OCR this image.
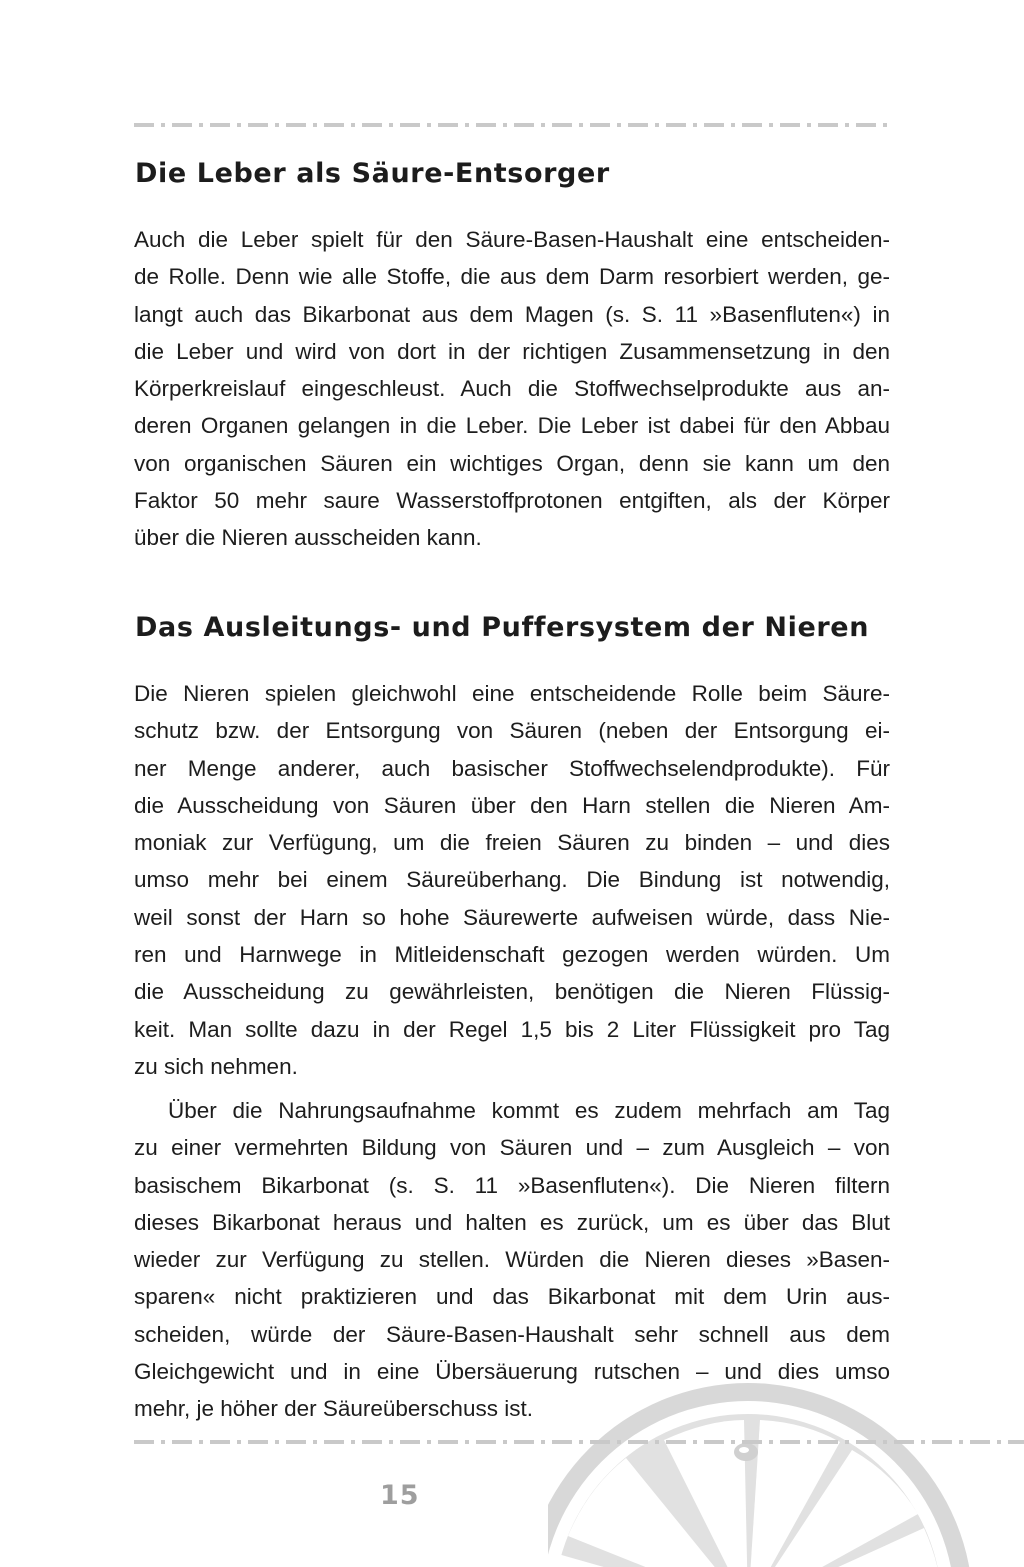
Die Leber als Säure-Entsorger
Auch die Leber spielt für den Säure-Basen-Haushalt eine entscheiden-
de Rolle. Denn wie alle Stoffe, die aus dem Darm resorbiert werden, ge-
langt auch das Bikarbonat aus dem Magen (s. S. 11 »Basenfluten«) in
die Leber und wird von dort in der richtigen Zusammensetzung in den
Körperkreislauf eingeschleust. Auch die Stoffwechselprodukte aus an-
deren Organen gelangen in die Leber. Die Leber ist dabei für den Abbau
von organischen Säuren ein wichtiges Organ, denn sie kann um den
Faktor 50 mehr saure Wasserstoffprotonen entgiften, als der Körper
über die Nieren ausscheiden kann.
Das Ausleitungs- und Puffersystem der Nieren
Die Nieren spielen gleichwohl eine entscheidende Rolle beim Säure-
schutz bzw. der Entsorgung von Säuren (neben der Entsorgung ei-
ner Menge anderer, auch basischer Stoffwechselendprodukte). Für
die Ausscheidung von Säuren über den Harn stellen die Nieren Am-
moniak zur Verfügung, um die freien Säuren zu binden – und dies
umso mehr bei einem Säureüberhang. Die Bindung ist notwendig,
weil sonst der Harn so hohe Säurewerte aufweisen würde, dass Nie-
ren und Harnwege in Mitleidenschaft gezogen werden würden. Um
die Ausscheidung zu gewährleisten, benötigen die Nieren Flüssig-
keit. Man sollte dazu in der Regel 1,5 bis 2 Liter Flüssigkeit pro Tag
zu sich nehmen.
Über die Nahrungsaufnahme kommt es zudem mehrfach am Tag
zu einer vermehrten Bildung von Säuren und – zum Ausgleich – von
basischem Bikarbonat (s. S. 11 »Basenfluten«). Die Nieren filtern
dieses Bikarbonat heraus und halten es zurück, um es über das Blut
wieder zur Verfügung zu stellen. Würden die Nieren dieses »Basen-
sparen« nicht praktizieren und das Bikarbonat mit dem Urin aus-
scheiden, würde der Säure-Basen-Haushalt sehr schnell aus dem
Gleichgewicht und in eine Übersäuerung rutschen – und dies umso
mehr, je höher der Säureüberschuss ist.
15
